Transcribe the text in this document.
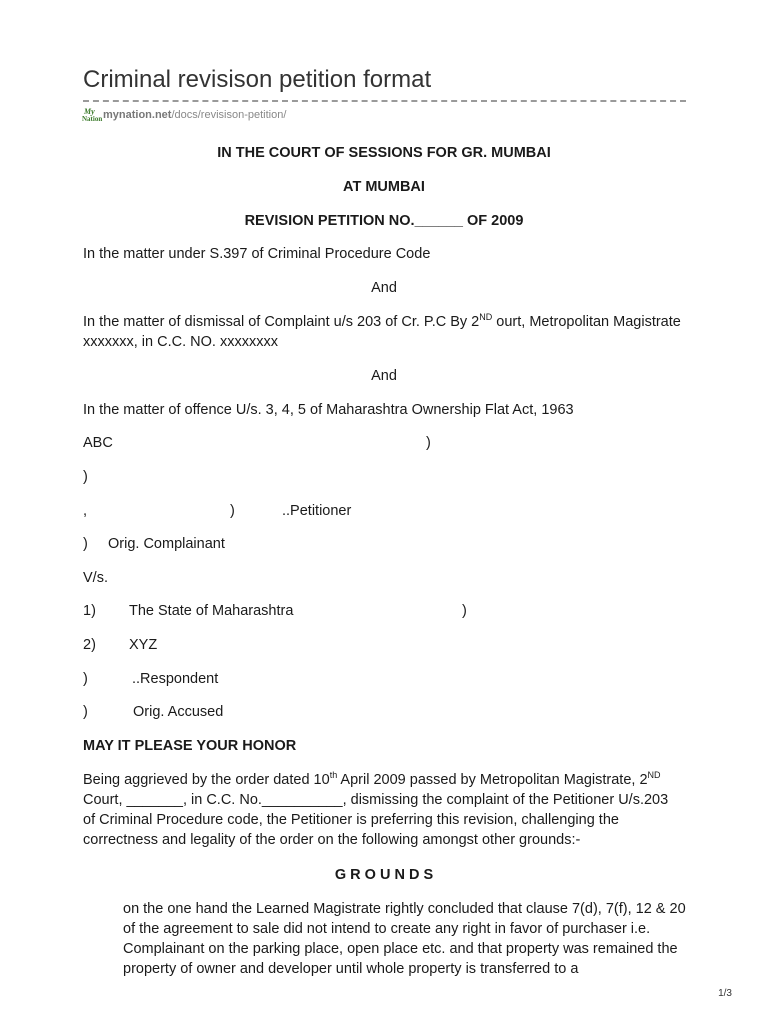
Criminal revisison petition format
My
Nation mynation.net/docs/revisison-petition/
IN THE COURT OF SESSIONS FOR GR. MUMBAI
AT MUMBAI
REVISION PETITION NO.______ OF 2009
In the matter under S.397 of Criminal Procedure Code
And
In the matter of dismissal of Complaint u/s 203 of Cr. P.C By 2ND ourt, Metropolitan Magistrate xxxxxxx, in C.C. NO. xxxxxxxx
And
In the matter of offence U/s. 3, 4, 5 of Maharashtra Ownership Flat Act, 1963
ABC	)
)
,	)	..Petitioner
) Orig. Complainant
V/s.
1) The State of Maharashtra	)
2) XYZ
)	..Respondent
)	Orig. Accused
MAY IT PLEASE YOUR HONOR
Being aggrieved by the order dated 10th April 2009 passed by Metropolitan Magistrate, 2ND Court, _______, in C.C. No.__________, dismissing the complaint of the Petitioner U/s.203 of Criminal Procedure code, the Petitioner is preferring this revision, challenging the correctness and legality of the order on the following amongst other grounds:-
G R O U N D S
on the one hand the Learned Magistrate rightly concluded that clause 7(d), 7(f), 12 & 20 of the agreement to sale did not intend to create any right in favor of purchaser i.e. Complainant on the parking place, open place etc. and that property was remained the property of owner and developer until whole property is transferred to a
1/3
